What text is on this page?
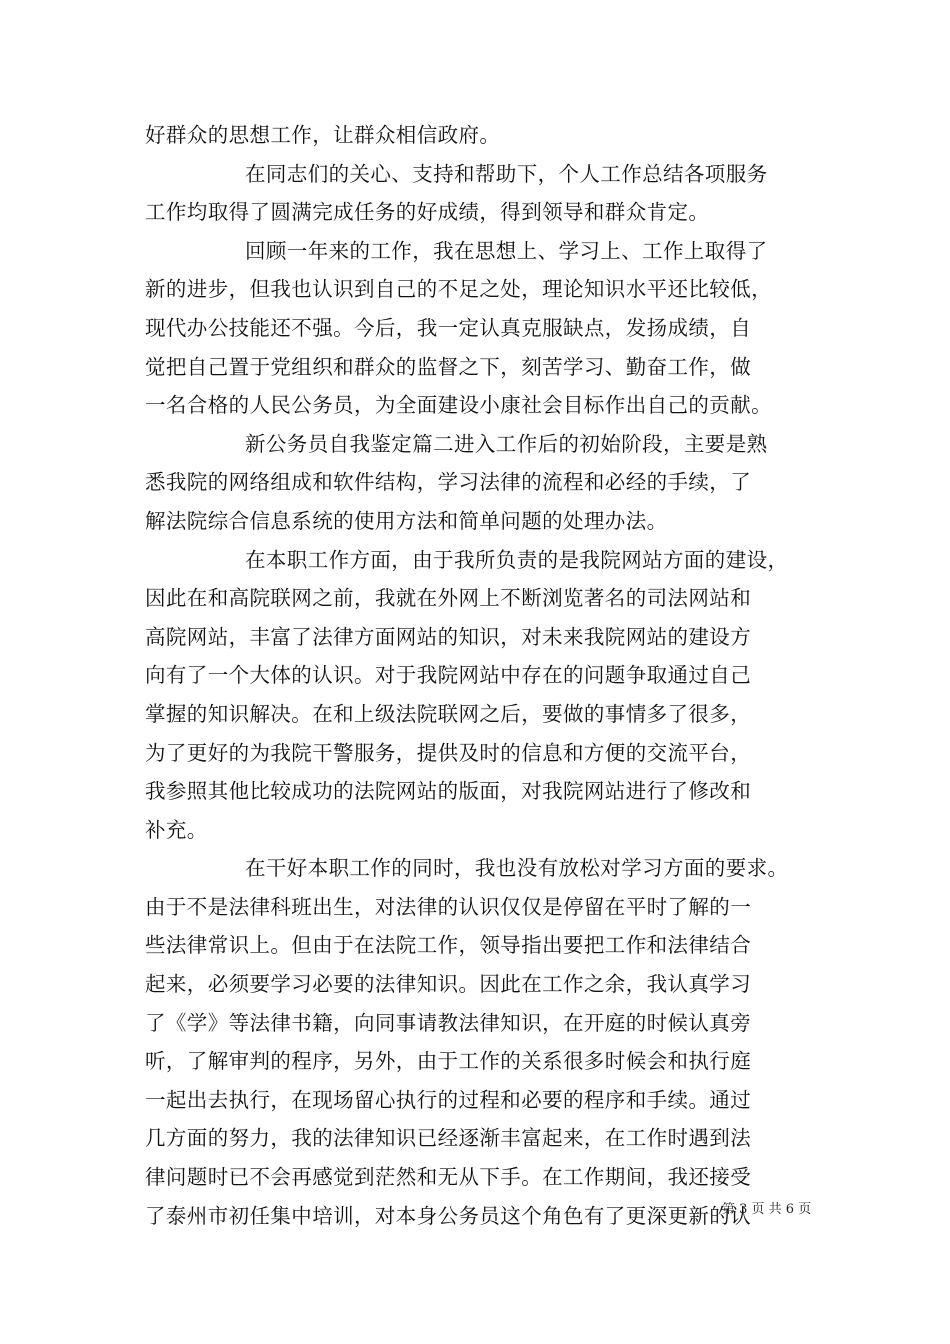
好群众的思想工作，让群众相信政府。
在同志们的关心、支持和帮助下，个人工作总结各项服务
工作均取得了圆满完成任务的好成绩，得到领导和群众肯定。
回顾一年来的工作，我在思想上、学习上、工作上取得了
新的进步，但我也认识到自己的不足之处，理论知识水平还比较低，
现代办公技能还不强。今后，我一定认真克服缺点，发扬成绩，自
觉把自己置于党组织和群众的监督之下，刻苦学习、勤奋工作，做
一名合格的人民公务员，为全面建设小康社会目标作出自己的贡献。
新公务员自我鉴定篇二进入工作后的初始阶段，主要是熟
悉我院的网络组成和软件结构，学习法律的流程和必经的手续，了
解法院综合信息系统的使用方法和简单问题的处理办法。
在本职工作方面，由于我所负责的是我院网站方面的建设，
因此在和高院联网之前，我就在外网上不断浏览著名的司法网站和
高院网站，丰富了法律方面网站的知识，对未来我院网站的建设方
向有了一个大体的认识。对于我院网站中存在的问题争取通过自己
掌握的知识解决。在和上级法院联网之后，要做的事情多了很多，
为了更好的为我院干警服务，提供及时的信息和方便的交流平台，
我参照其他比较成功的法院网站的版面，对我院网站进行了修改和
补充。
在干好本职工作的同时，我也没有放松对学习方面的要求。
由于不是法律科班出生，对法律的认识仅仅是停留在平时了解的一
些法律常识上。但由于在法院工作，领导指出要把工作和法律结合
起来，必须要学习必要的法律知识。因此在工作之余，我认真学习
了《学》等法律书籍，向同事请教法律知识，在开庭的时候认真旁
听，了解审判的程序，另外，由于工作的关系很多时候会和执行庭
一起出去执行，在现场留心执行的过程和必要的程序和手续。通过
几方面的努力，我的法律知识已经逐渐丰富起来，在工作时遇到法
律问题时已不会再感觉到茫然和无从下手。在工作期间，我还接受
了泰州市初任集中培训，对本身公务员这个角色有了更深更新的认
第 3 页 共 6 页
